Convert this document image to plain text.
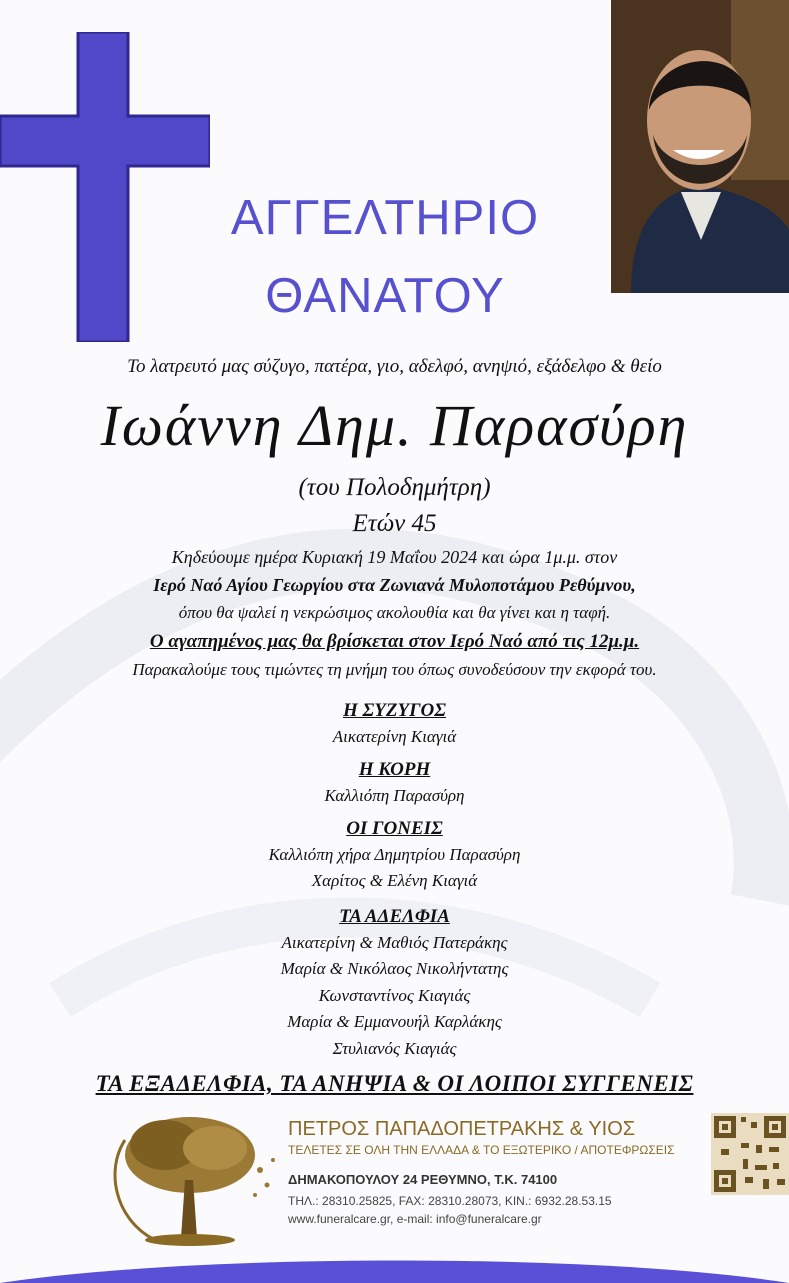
ΑΓΓΕΛΤΗΡΙΟ
ΘΑΝΑΤΟΥ
Το λατρευτό μας σύζυγο, πατέρα, γιο, αδελφό, ανηψιό, εξάδελφο & θείο
Ιωάννη Δημ. Παρασύρη
(του Πολοδημήτρη)
Ετών 45
Κηδεύουμε ημέρα Κυριακή 19 Μαΐου 2024 και ώρα 1μ.μ. στον
Ιερό Ναό Αγίου Γεωργίου στα Ζωνιανά Μυλοποτάμου Ρεθύμνου,
όπου θα ψαλεί η νεκρώσιμος ακολουθία και θα γίνει και η ταφή.
Ο αγαπημένος μας θα βρίσκεται στον Ιερό Ναό από τις 12μ.μ.
Παρακαλούμε τους τιμώντες τη μνήμη του όπως συνοδεύσουν την εκφορά του.
Η ΣΥΖΥΓΟΣ
Αικατερίνη Κιαγιά
Η ΚΟΡΗ
Καλλιόπη Παρασύρη
ΟΙ ΓΟΝΕΙΣ
Καλλιόπη χήρα Δημητρίου Παρασύρη
Χαρίτος & Ελένη Κιαγιά
ΤΑ ΑΔΕΛΦΙΑ
Αικατερίνη & Μαθιός Πατεράκης
Μαρία & Νικόλαος Νικολήντατης
Κωνσταντίνος Κιαγιάς
Μαρία & Εμμανουήλ Καρλάκης
Στυλιανός Κιαγιάς
ΤΑ ΕΞΑΔΕΛΦΙΑ, ΤΑ ΑΝΗΨΙΑ & ΟΙ ΛΟΙΠΟΙ ΣΥΓΓΕΝΕΙΣ
ΠΕΤΡΟΣ ΠΑΠΑΔΟΠΕΤΡΑΚΗΣ & ΥΙΟΣ
ΤΕΛΕΤΕΣ ΣΕ ΟΛΗ ΤΗΝ ΕΛΛΑΔΑ & ΤΟ ΕΞΩΤΕΡΙΚΟ / ΑΠΟΤΕΦΡΩΣΕΙΣ
ΔΗΜΑΚΟΠΟΥΛΟΥ 24 ΡΕΘΥΜΝΟ, Τ.Κ. 74100
ΤΗΛ.: 28310.25825, FAX: 28310.28073, ΚΙΝ.: 6932.28.53.15
www.funeralcare.gr, e-mail: info@funeralcare.gr
